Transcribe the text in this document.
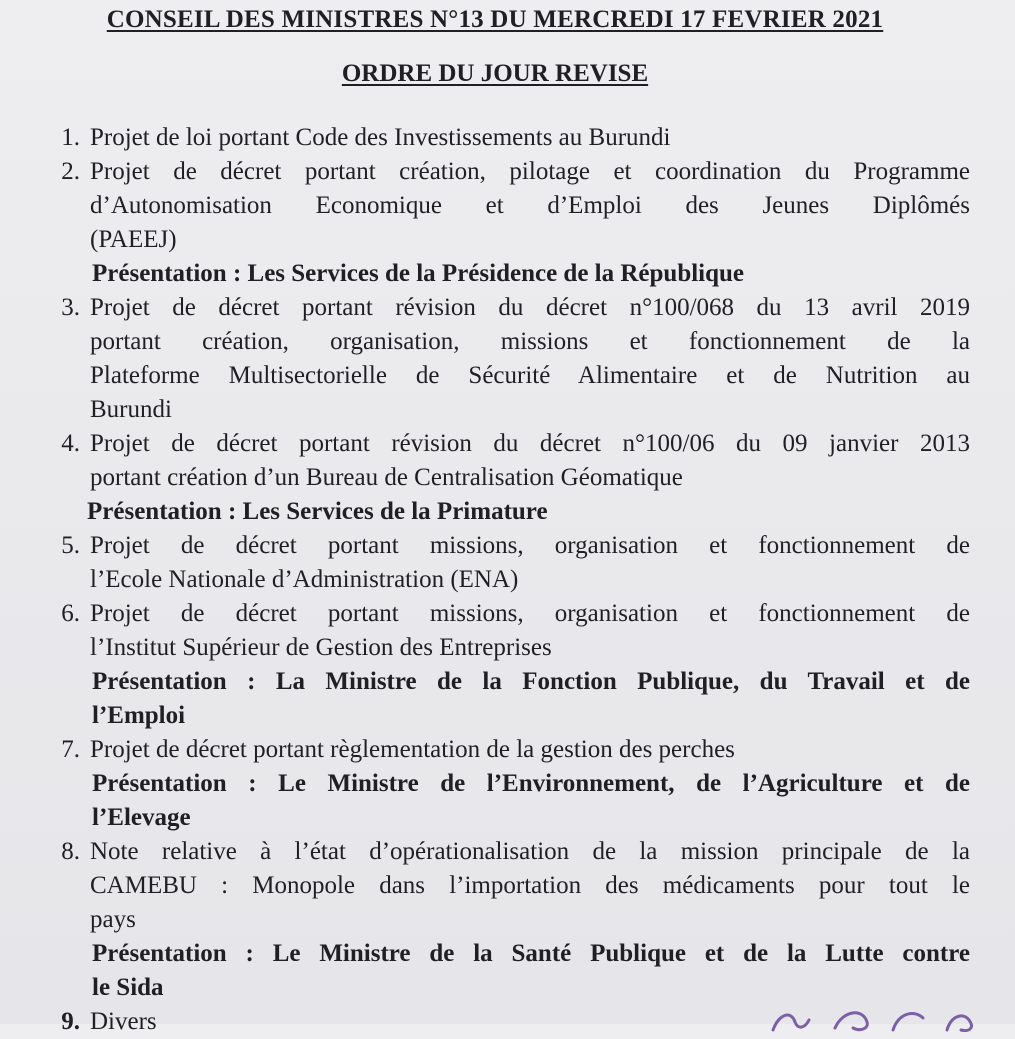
CONSEIL DES MINISTRES N°13 DU MERCREDI 17 FEVRIER 2021
ORDRE DU JOUR REVISE
1. Projet de loi portant Code des Investissements au Burundi
2. Projet de décret portant création, pilotage et coordination du Programme
d’Autonomisation Economique et d’Emploi des Jeunes Diplômés
(PAEEJ)
Présentation : Les Services de la Présidence de la République
3. Projet de décret portant révision du décret n°100/068 du 13 avril 2019
portant création, organisation, missions et fonctionnement de la
Plateforme Multisectorielle de Sécurité Alimentaire et de Nutrition au
Burundi
4. Projet de décret portant révision du décret n°100/06 du 09 janvier 2013
portant création d’un Bureau de Centralisation Géomatique
Présentation : Les Services de la Primature
5. Projet de décret portant missions, organisation et fonctionnement de
l’Ecole Nationale d’Administration (ENA)
6. Projet de décret portant missions, organisation et fonctionnement de
l’Institut Supérieur de Gestion des Entreprises
Présentation : La Ministre de la Fonction Publique, du Travail et de
l’Emploi
7. Projet de décret portant règlementation de la gestion des perches
Présentation : Le Ministre de l’Environnement, de l’Agriculture et de
l’Elevage
8. Note relative à l’état d’opérationalisation de la mission principale de la
CAMEBU : Monopole dans l’importation des médicaments pour tout le
pays
Présentation : Le Ministre de la Santé Publique et de la Lutte contre
le Sida
9. Divers
